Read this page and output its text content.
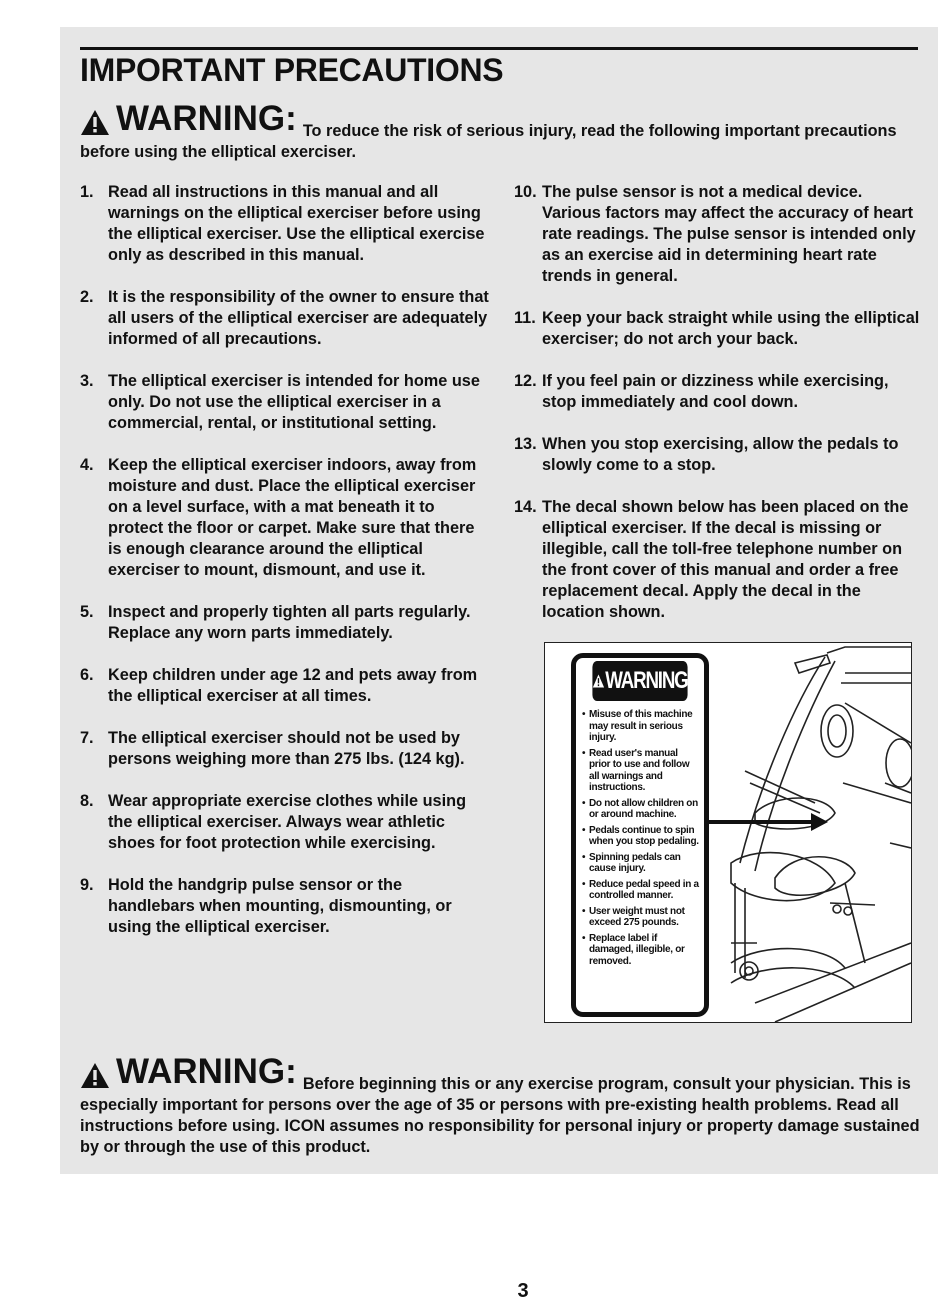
IMPORTANT PRECAUTIONS
WARNING: To reduce the risk of serious injury, read the following important precautions before using the elliptical exerciser.
1. Read all instructions in this manual and all warnings on the elliptical exerciser before using the elliptical exerciser. Use the elliptical exercise only as described in this manual.
2. It is the responsibility of the owner to ensure that all users of the elliptical exerciser are adequately informed of all precautions.
3. The elliptical exerciser is intended for home use only. Do not use the elliptical exerciser in a commercial, rental, or institutional setting.
4. Keep the elliptical exerciser indoors, away from moisture and dust. Place the elliptical exerciser on a level surface, with a mat beneath it to protect the floor or carpet. Make sure that there is enough clearance around the elliptical exerciser to mount, dismount, and use it.
5. Inspect and properly tighten all parts regularly. Replace any worn parts immediately.
6. Keep children under age 12 and pets away from the elliptical exerciser at all times.
7. The elliptical exerciser should not be used by persons weighing more than 275 lbs. (124 kg).
8. Wear appropriate exercise clothes while using the elliptical exerciser. Always wear athletic shoes for foot protection while exercising.
9. Hold the handgrip pulse sensor or the handlebars when mounting, dismounting, or using the elliptical exerciser.
10. The pulse sensor is not a medical device. Various factors may affect the accuracy of heart rate readings. The pulse sensor is intended only as an exercise aid in determining heart rate trends in general.
11. Keep your back straight while using the elliptical exerciser; do not arch your back.
12. If you feel pain or dizziness while exercising, stop immediately and cool down.
13. When you stop exercising, allow the pedals to slowly come to a stop.
14. The decal shown below has been placed on the elliptical exerciser. If the decal is missing or illegible, call the toll-free telephone number on the front cover of this manual and order a free replacement decal. Apply the decal in the location shown.
WARNING
• Misuse of this machine may result in serious injury.
• Read user's manual prior to use and follow all warnings and instructions.
• Do not allow children on or around machine.
• Pedals continue to spin when you stop pedaling.
• Spinning pedals can cause injury.
• Reduce pedal speed in a controlled manner.
• User weight must not exceed 275 pounds.
• Replace label if damaged, illegible, or removed.
WARNING: Before beginning this or any exercise program, consult your physician. This is especially important for persons over the age of 35 or persons with pre-existing health problems. Read all instructions before using. ICON assumes no responsibility for personal injury or property damage sustained by or through the use of this product.
3
